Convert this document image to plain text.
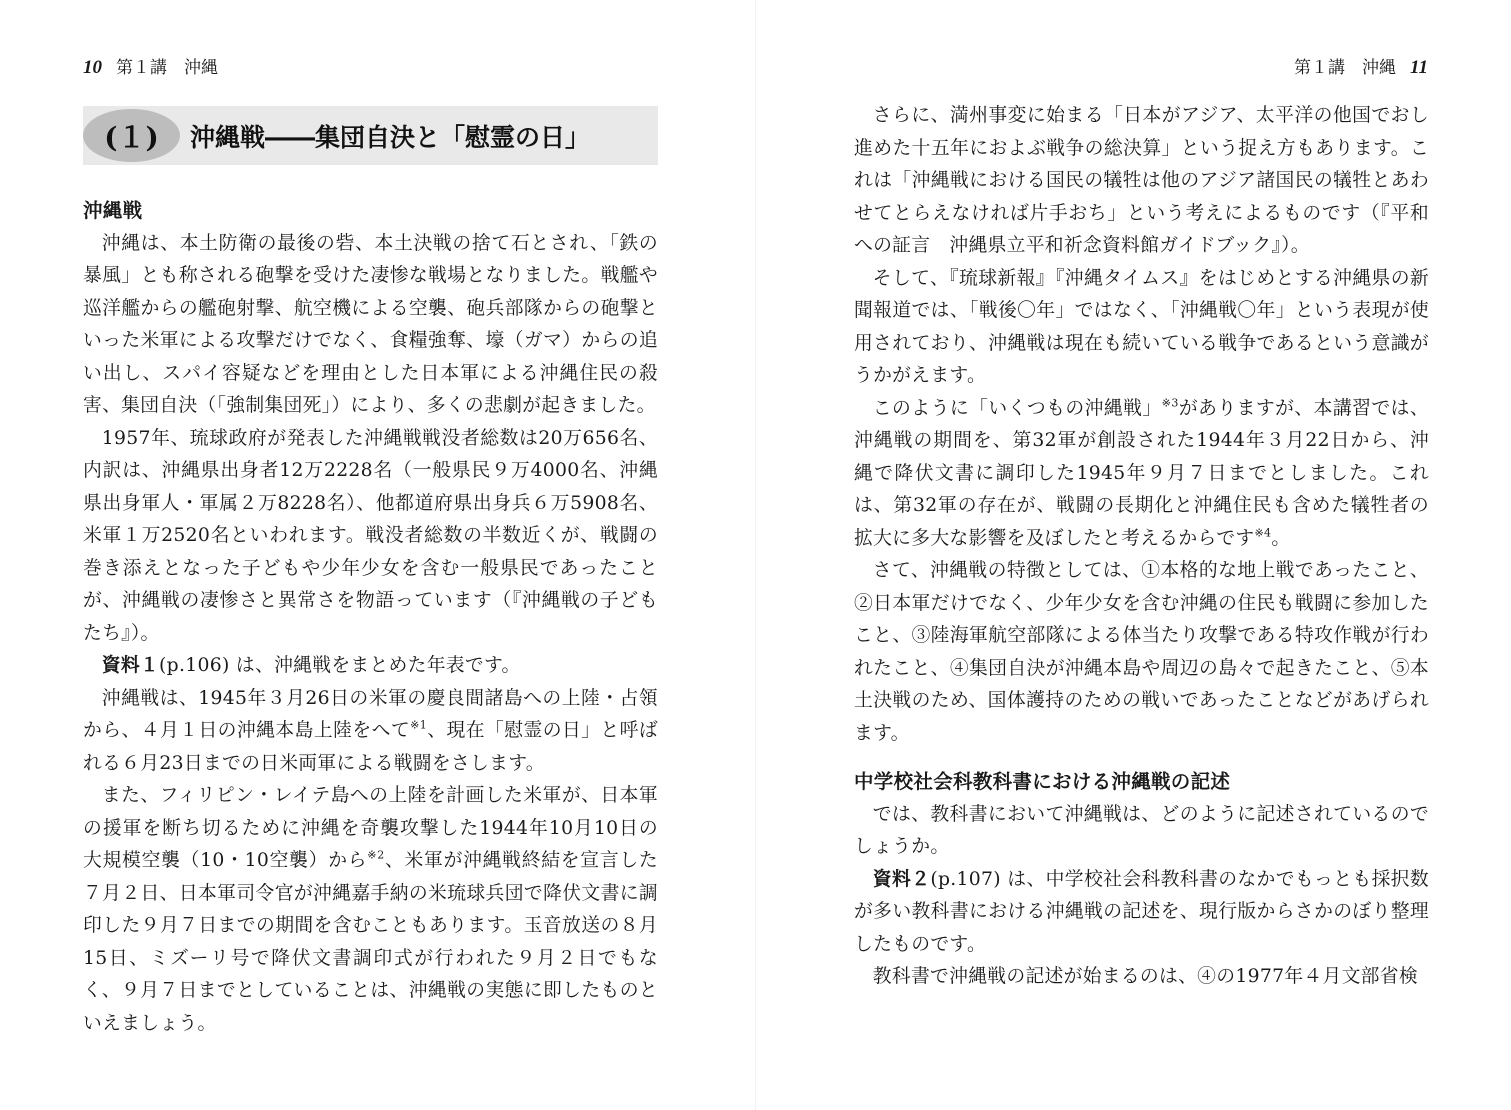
10 第１講　沖縄
(１)	沖縄戦――集団自決と「慰霊の日」

沖縄戦

沖縄は、本土防衛の最後の砦、本土決戦の捨て石とされ、「鉄の暴風」とも称される砲撃を受けた凄惨な戦場となりました。戦艦や巡洋艦からの艦砲射撃、航空機による空襲、砲兵部隊からの砲撃といった米軍による攻撃だけでなく、食糧強奪、壕（ガマ）からの追い出し、スパイ容疑などを理由とした日本軍による沖縄住民の殺害、集団自決（「強制集団死」）により、多くの悲劇が起きました。

1957年、琉球政府が発表した沖縄戦戦没者総数は20万656名、内訳は、沖縄県出身者12万2228名（一般県民９万4000名、沖縄県出身軍人・軍属２万8228名）、他都道府県出身兵６万5908名、米軍１万2520名といわれます。戦没者総数の半数近くが、戦闘の巻き添えとなった子どもや少年少女を含む一般県民であったことが、沖縄戦の凄惨さと異常さを物語っています（『沖縄戦の子どもたち』）。

資料１(p.106) は、沖縄戦をまとめた年表です。

沖縄戦は、1945年３月26日の米軍の慶良間諸島への上陸・占領から、４月１日の沖縄本島上陸をへて$^{※1}$、現在「慰霊の日」と呼ばれる６月23日までの日米両軍による戦闘をさします。

また、フィリピン・レイテ島への上陸を計画した米軍が、日本軍の援軍を断ち切るために沖縄を奇襲攻撃した1944年10月10日の大規模空襲（10・10空襲）から$^{※2}$、米軍が沖縄戦終結を宣言した７月２日、日本軍司令官が沖縄嘉手納の米琉球兵団で降伏文書に調印した９月７日までの期間を含むこともあります。玉音放送の８月15日、ミズーリ号で降伏文書調印式が行われた９月２日でもなく、９月７日までとしていることは、沖縄戦の実態に即したものといえましょう。

第１講　沖縄 11

さらに、満州事変に始まる「日本がアジア、太平洋の他国でおし進めた十五年におよぶ戦争の総決算」という捉え方もあります。これは「沖縄戦における国民の犠牲は他のアジア諸国民の犠牲とあわせてとらえなければ片手おち」という考えによるものです（『平和への証言　沖縄県立平和祈念資料館ガイドブック』）。

そして、『琉球新報』『沖縄タイムス』をはじめとする沖縄県の新聞報道では、「戦後〇年」ではなく、「沖縄戦〇年」という表現が使用されており、沖縄戦は現在も続いている戦争であるという意識がうかがえます。

このように「いくつもの沖縄戦」$^{※3}$がありますが、本講習では、沖縄戦の期間を、第32軍が創設された1944年３月22日から、沖縄で降伏文書に調印した1945年９月７日までとしました。これは、第32軍の存在が、戦闘の長期化と沖縄住民も含めた犠牲者の拡大に多大な影響を及ぼしたと考えるからです$^{※4}$。

さて、沖縄戦の特徴としては、①本格的な地上戦であったこと、②日本軍だけでなく、少年少女を含む沖縄の住民も戦闘に参加したこと、③陸海軍航空部隊による体当たり攻撃である特攻作戦が行われたこと、④集団自決が沖縄本島や周辺の島々で起きたこと、⑤本土決戦のため、国体護持のための戦いであったことなどがあげられます。

中学校社会科教科書における沖縄戦の記述

では、教科書において沖縄戦は、どのように記述されているのでしょうか。

資料２(p.107) は、中学校社会科教科書のなかでもっとも採択数が多い教科書における沖縄戦の記述を、現行版からさかのぼり整理したものです。

教科書で沖縄戦の記述が始まるのは、④の1977年４月文部省検
